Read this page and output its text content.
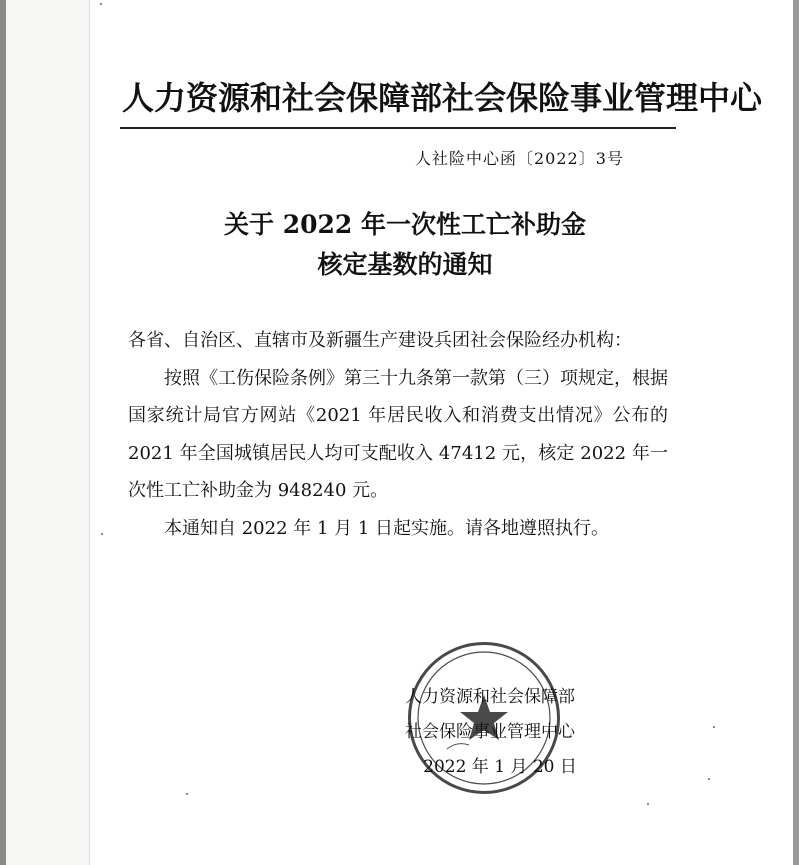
人力资源和社会保障部社会保险事业管理中心
人社险中心函〔2022〕3号
关于 2022 年一次性工亡补助金
核定基数的通知

各省、自治区、直辖市及新疆生产建设兵团社会保险经办机构：

按照《工伤保险条例》第三十九条第一款第（三）项规定，根据国家统计局官方网站《2021 年居民收入和消费支出情况》公布的 2021 年全国城镇居民人均可支配收入 47412 元，核定 2022 年一次性工亡补助金为 948240 元。

本通知自 2022 年 1 月 1 日起实施。请各地遵照执行。

人力资源和社会保障部
社会保险事业管理中心
2022 年 1 月 20 日
